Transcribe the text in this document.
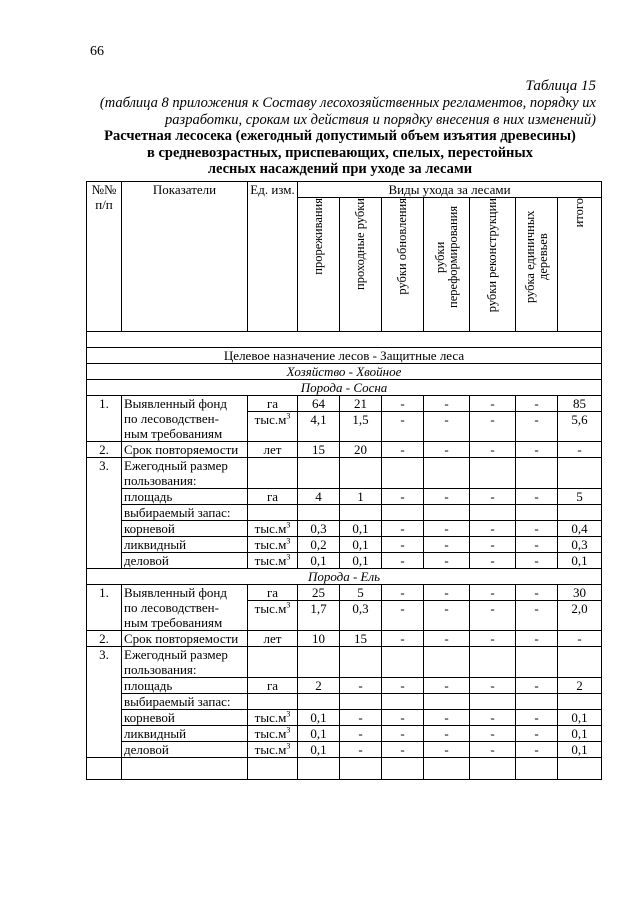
66
Таблица 15
(таблица 8 приложения к Составу лесохозяйственных регламентов, порядку их разработки, срокам их действия и порядку внесения в них изменений)
Расчетная лесосека (ежегодный допустимый объем изъятия древесины)
в средневозрастных, приспевающих, спелых, перестойных
лесных насаждений при уходе за лесами
№№ п/п	Показатели	Ед. изм.	Виды ухода за лесами						

			прореживания	проходные рубки	рубки обновления	рубки переформирования	рубки реконструкции	рубка единичных деревьев	итого

Целевое назначение лесов - Защитные леса									
Хозяйство - Хвойное									
Порода - Сосна									
1.	Выявленный фонд
по лесоводствен-
ным требованиям	га	64	21	-	-	-	-	85
		$тыс.м^3$	4,1	1,5	-	-	-	-	5,6
2.	Срок повторяемости	лет	15	20	-	-	-	-	-
3.	Ежегодный размер пользования:								
	площадь	га	4	1	-	-	-	-	5
	выбираемый запас:								
	корневой	$тыс.м^3$	0,3	0,1	-	-	-	-	0,4
	ликвидный	$тыс.м^3$	0,2	0,1	-	-	-	-	0,3
	деловой	$тыс.м^3$	0,1	0,1	-	-	-	-	0,1
Порода - Ель									
1.	Выявленный фонд
по лесоводствен-
ным требованиям	га	25	5	-	-	-	-	30
		$тыс.м^3$	1,7	0,3	-	-	-	-	2,0
2.	Срок повторяемости	лет	10	15	-	-	-	-	-
3.	Ежегодный размер пользования:								
	площадь	га	2	-	-	-	-	-	2
	выбираемый запас:								
	корневой	$тыс.м^3$	0,1	-	-	-	-	-	0,1
	ликвидный	$тыс.м^3$	0,1	-	-	-	-	-	0,1
	деловой	$тыс.м^3$	0,1	-	-	-	-	-	0,1
